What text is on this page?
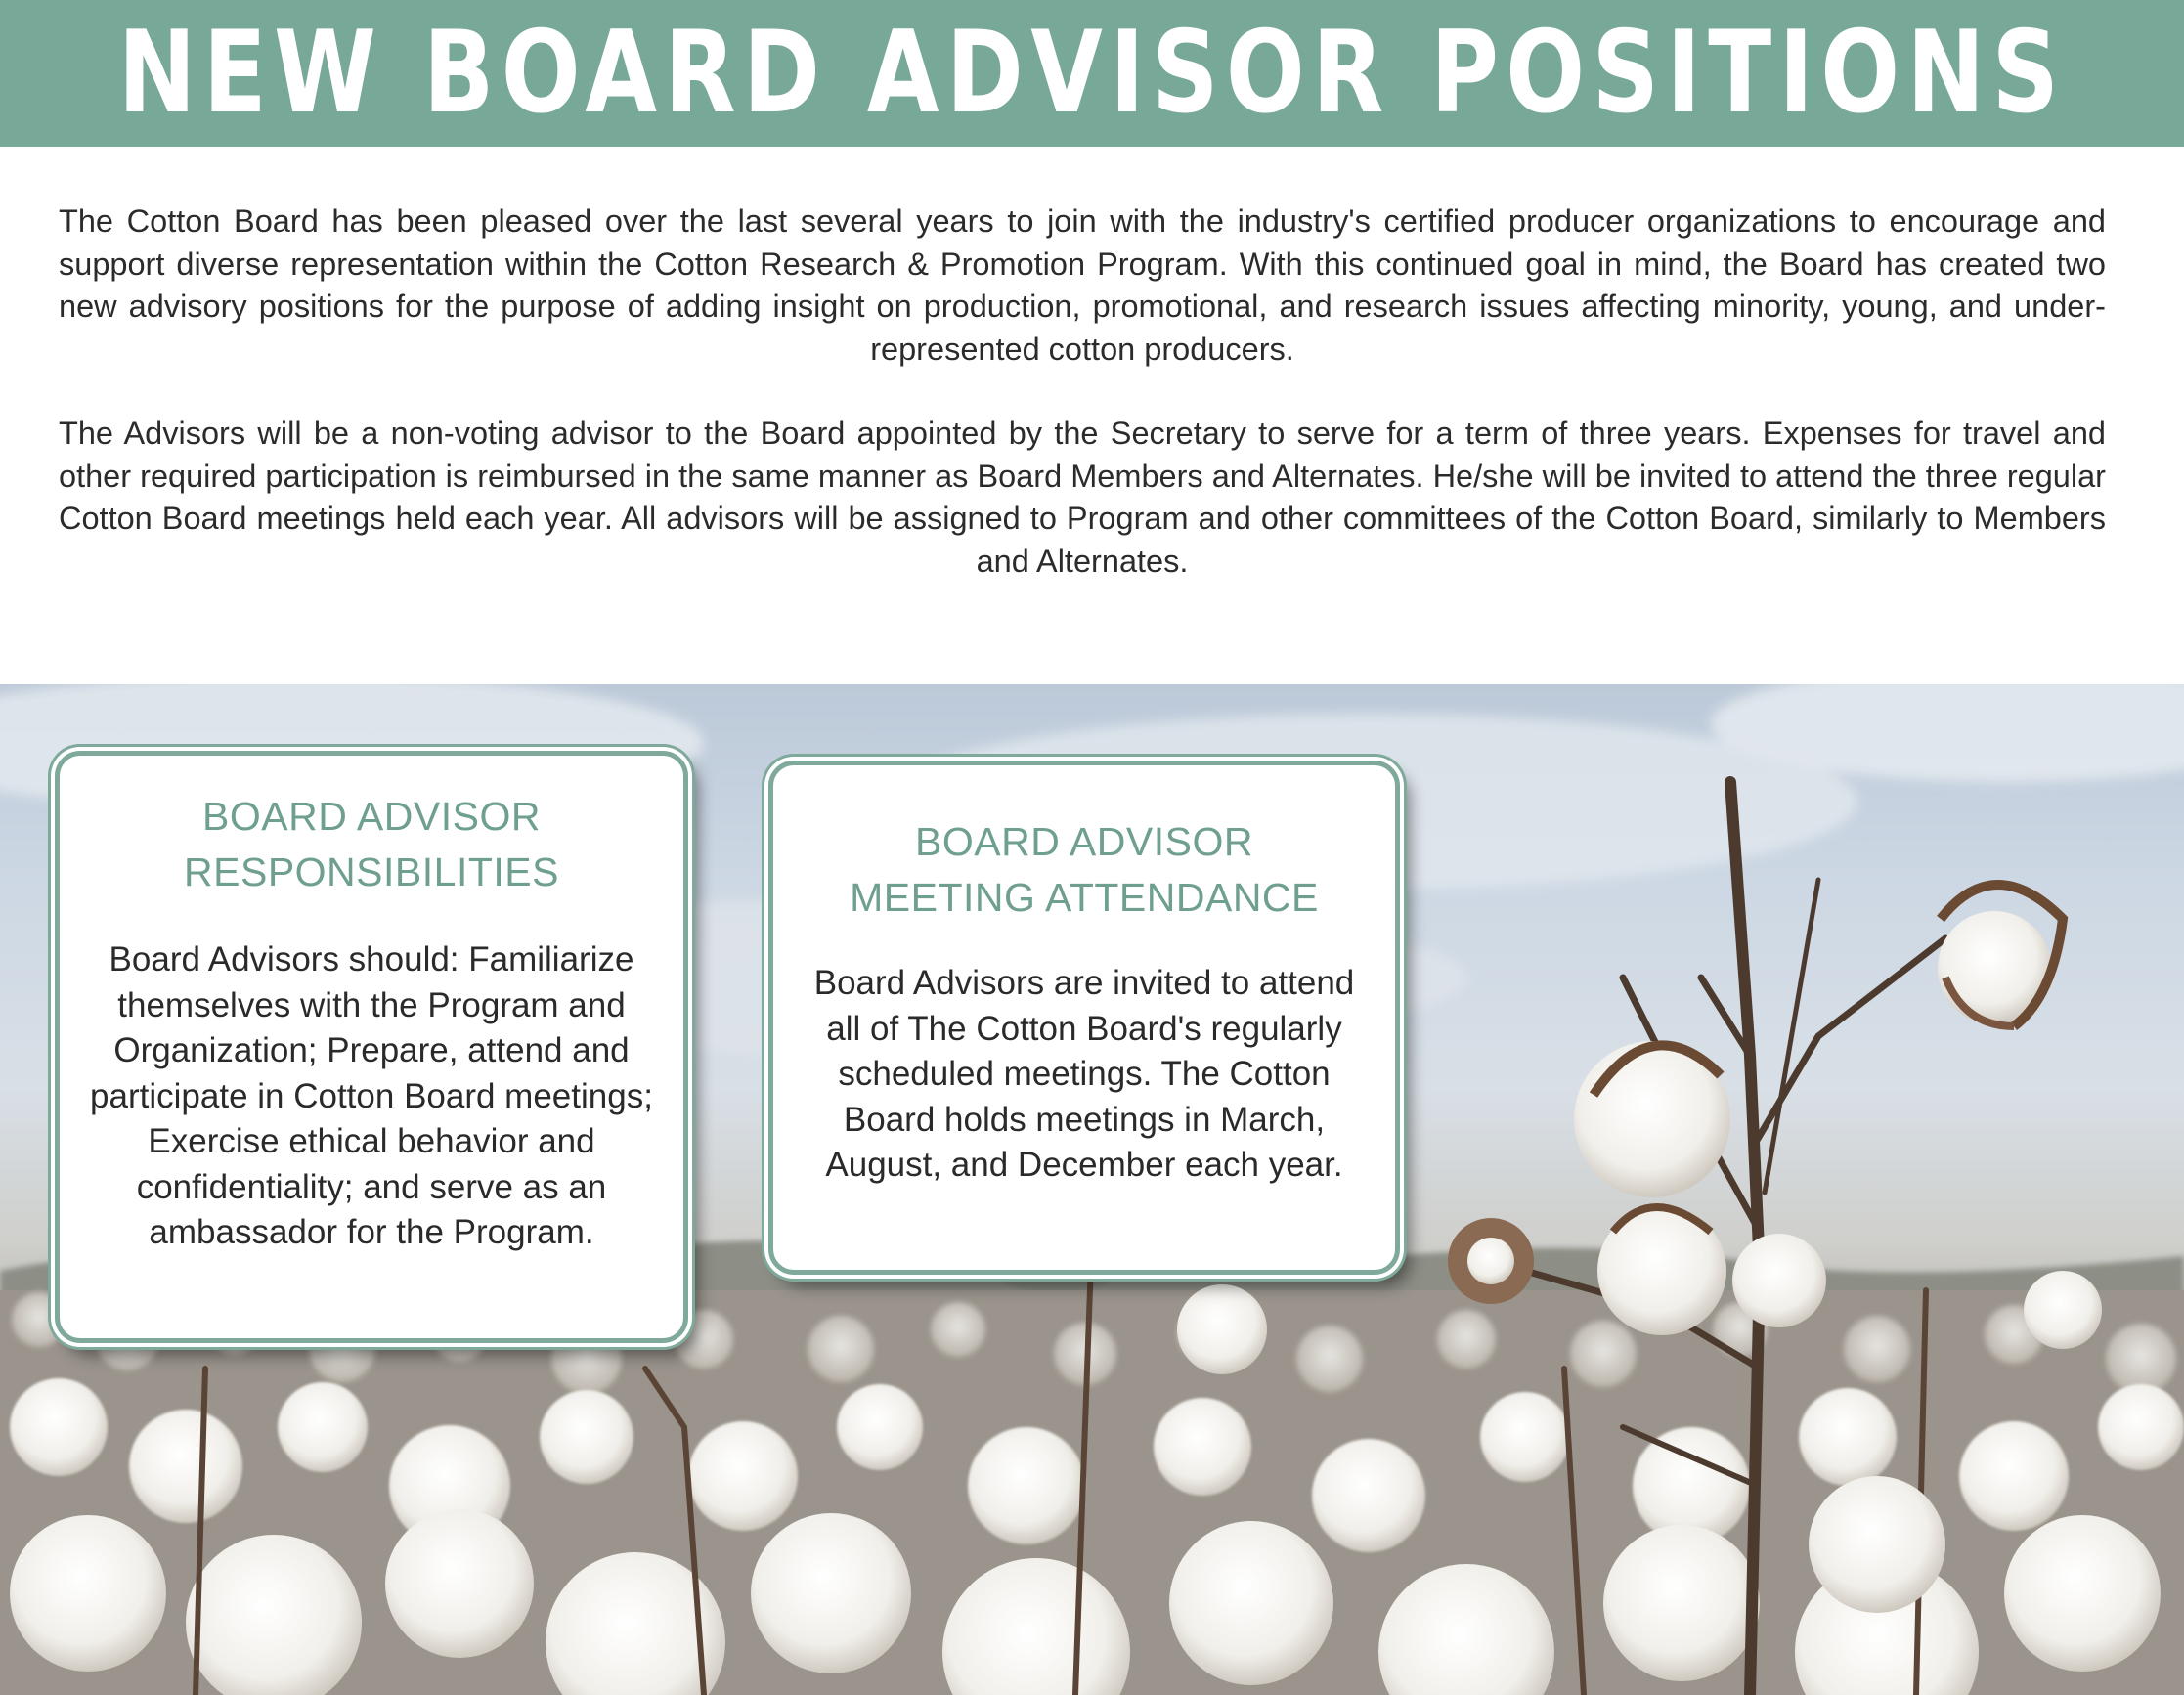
NEW BOARD ADVISOR POSITIONS

The Cotton Board has been pleased over the last several years to join with the industry's certified producer organizations to encourage and support diverse representation within the Cotton Research & Promotion Program. With this continued goal in mind, the Board has created two new advisory positions for the purpose of adding insight on production, promotional, and research issues affecting minority, young, and under-represented cotton producers.

The Advisors will be a non-voting advisor to the Board appointed by the Secretary to serve for a term of three years. Expenses for travel and other required participation is reimbursed in the same manner as Board Members and Alternates. He/she will be invited to attend the three regular Cotton Board meetings held each year. All advisors will be assigned to Program and other committees of the Cotton Board, similarly to Members and Alternates.

BOARD ADVISOR
RESPONSIBILITIES

Board Advisors should: Familiarize themselves with the Program and Organization; Prepare, attend and participate in Cotton Board meetings; Exercise ethical behavior and confidentiality; and serve as an ambassador for the Program.

BOARD ADVISOR
MEETING ATTENDANCE

Board Advisors are invited to attend all of The Cotton Board's regularly scheduled meetings. The Cotton Board holds meetings in March, August, and December each year.
